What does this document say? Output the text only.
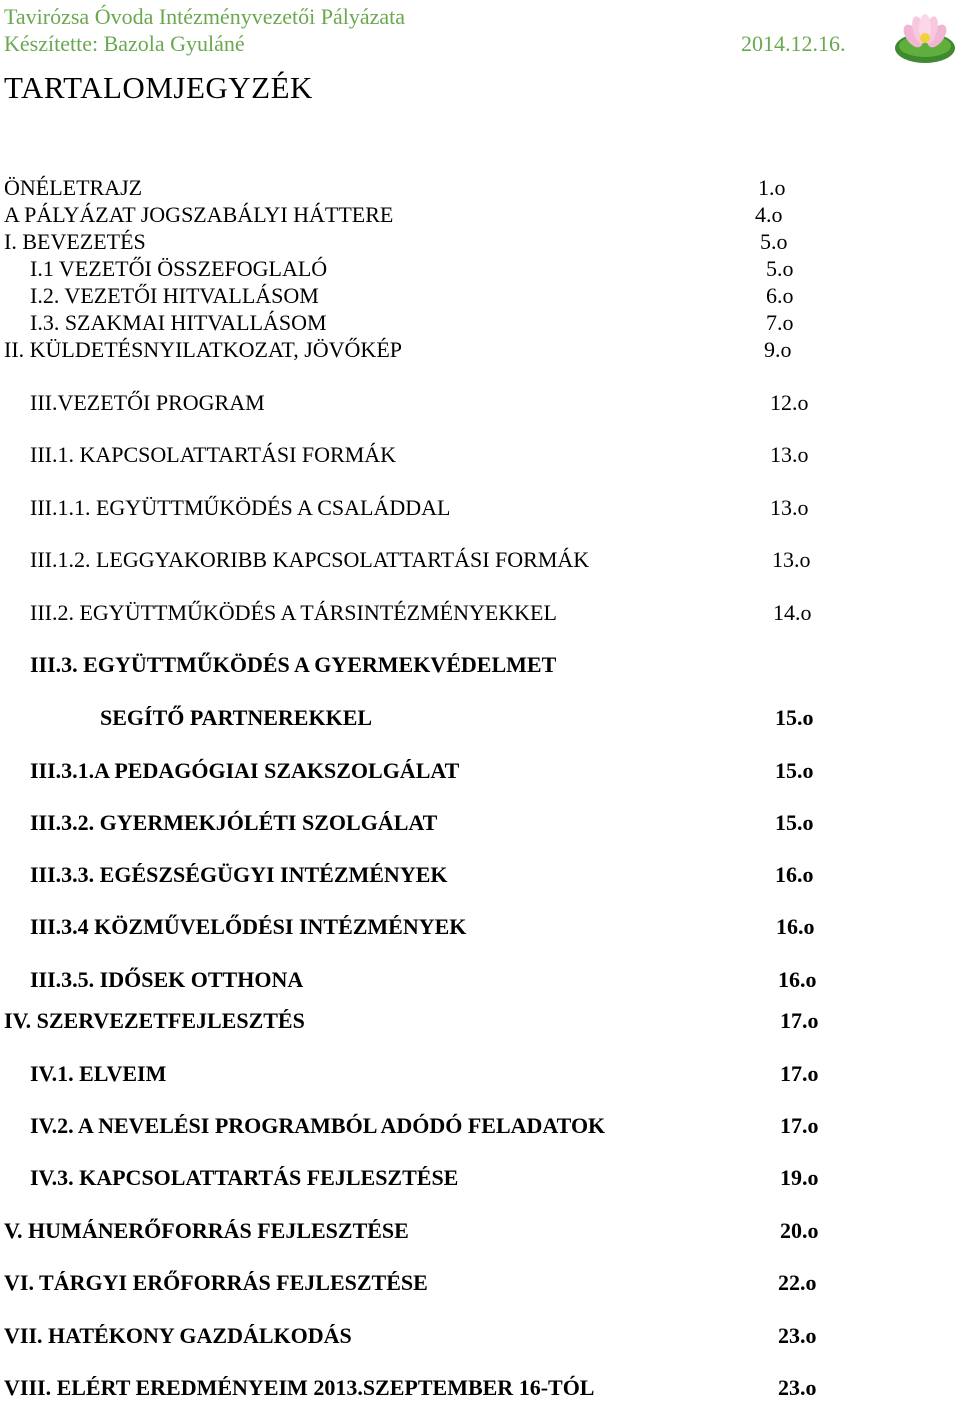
Tavirózsa Óvoda Intézményvezetői Pályázata
Készítette: Bazola Gyuláné	2014.12.16.
TARTALOMJEGYZÉK
ÖNÉLETRAJZ	1.o
A PÁLYÁZAT JOGSZABÁLYI HÁTTERE	4.o
I. BEVEZETÉS	5.o
I.1 VEZETŐI ÖSSZEFOGLALÓ	5.o
I.2. VEZETŐI HITVALLÁSOM	6.o
I.3. SZAKMAI HITVALLÁSOM	7.o
II. KÜLDETÉSNYILATKOZAT, JÖVŐKÉP	9.o
III.VEZETŐI PROGRAM	12.o
III.1. KAPCSOLATTARTÁSI FORMÁK	13.o
III.1.1. EGYÜTTMŰKÖDÉS A CSALÁDDAL	13.o
III.1.2. LEGGYAKORIBB KAPCSOLATTARTÁSI FORMÁK	13.o
III.2. EGYÜTTMŰKÖDÉS A TÁRSINTÉZMÉNYEKKEL	14.o
III.3. EGYÜTTMŰKÖDÉS A GYERMEKVÉDELMET
SEGÍTŐ PARTNEREKKEL	15.o
III.3.1.A PEDAGÓGIAI SZAKSZOLGÁLAT	15.o
III.3.2. GYERMEKJÓLÉTI SZOLGÁLAT	15.o
III.3.3. EGÉSZSÉGÜGYI INTÉZMÉNYEK	16.o
III.3.4 KÖZMŰVELŐDÉSI INTÉZMÉNYEK	16.o
III.3.5. IDŐSEK OTTHONA	16.o
IV. SZERVEZETFEJLESZTÉS	17.o
IV.1. ELVEIM	17.o
IV.2. A NEVELÉSI PROGRAMBÓL ADÓDÓ FELADATOK	17.o
IV.3. KAPCSOLATTARTÁS FEJLESZTÉSE	19.o
V. HUMÁNERŐFORRÁS FEJLESZTÉSE	20.o
VI. TÁRGYI ERŐFORRÁS FEJLESZTÉSE	22.o
VII. HATÉKONY GAZDÁLKODÁS	23.o
VIII. ELÉRT EREDMÉNYEIM 2013.SZEPTEMBER 16-TÓL	23.o
